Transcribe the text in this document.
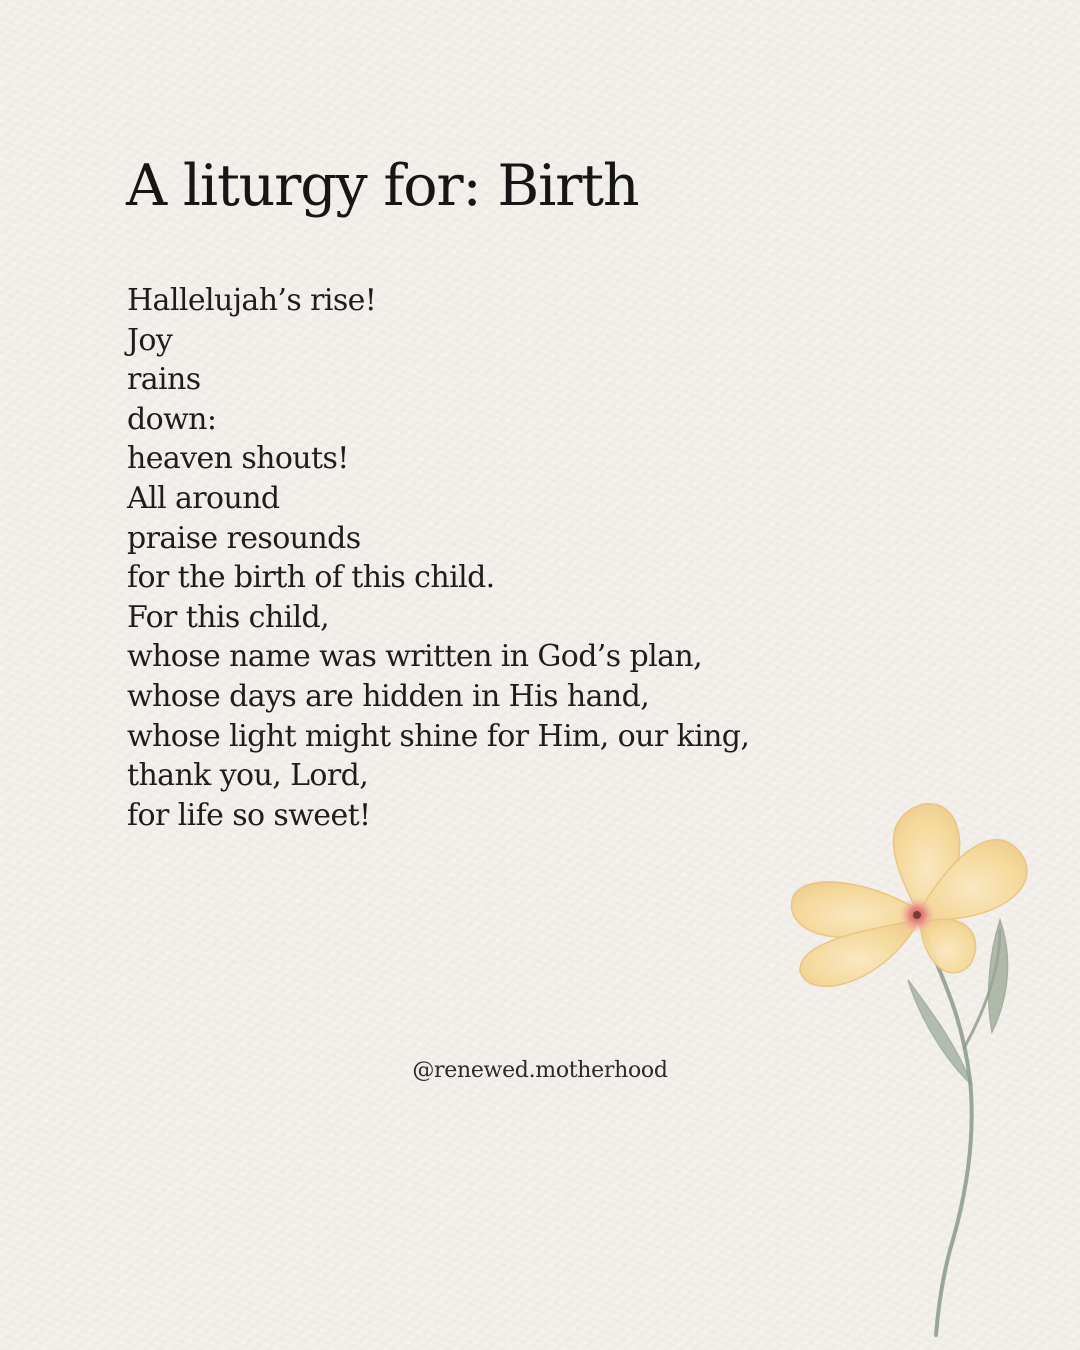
A liturgy for: Birth
Hallelujah’s rise!
Joy
rains
down:
heaven shouts!
All around
praise resounds
for the birth of this child.
For this child,
whose name was written in God’s plan,
whose days are hidden in His hand,
whose light might shine for Him, our king,
thank you, Lord,
for life so sweet!
@renewed.motherhood
